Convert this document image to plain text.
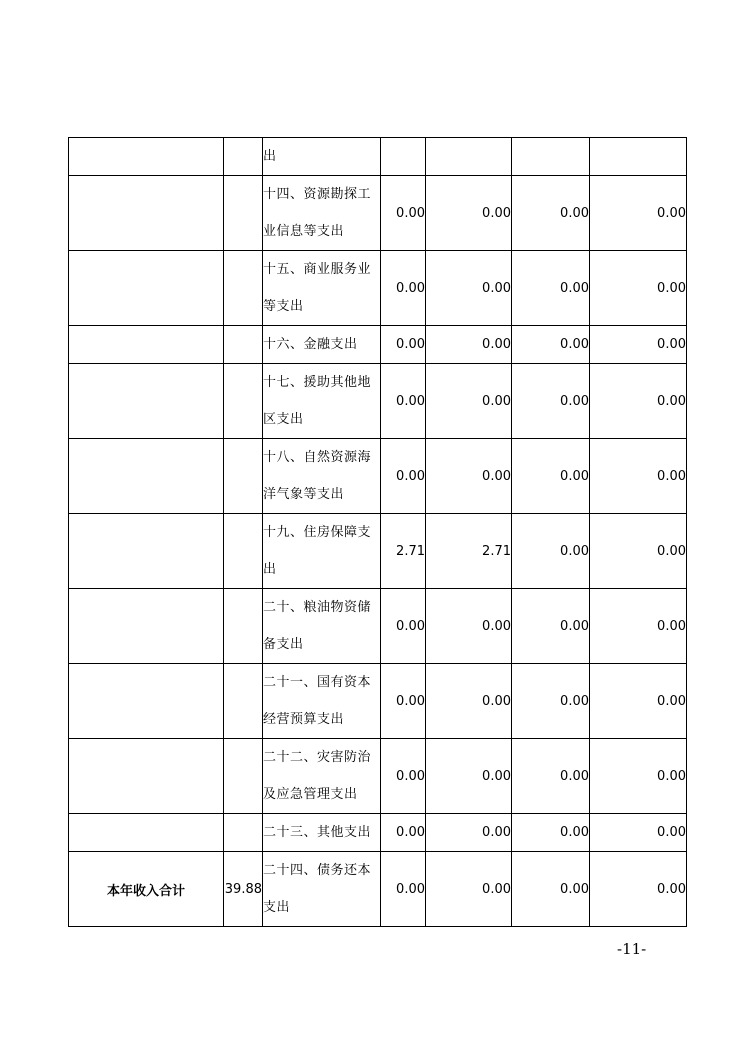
		出				
		十四、资源勘探工业信息等支出	0.00	0.00	0.00	0.00
		十五、商业服务业等支出	0.00	0.00	0.00	0.00
		十六、金融支出	0.00	0.00	0.00	0.00
		十七、援助其他地区支出	0.00	0.00	0.00	0.00
		十八、自然资源海洋气象等支出	0.00	0.00	0.00	0.00
		十九、住房保障支出	2.71	2.71	0.00	0.00
		二十、粮油物资储备支出	0.00	0.00	0.00	0.00
		二十一、国有资本经营预算支出	0.00	0.00	0.00	0.00
		二十二、灾害防治及应急管理支出	0.00	0.00	0.00	0.00
		二十三、其他支出	0.00	0.00	0.00	0.00
本年收入合计	39.88	二十四、债务还本支出	0.00	0.00	0.00	0.00
-11-
